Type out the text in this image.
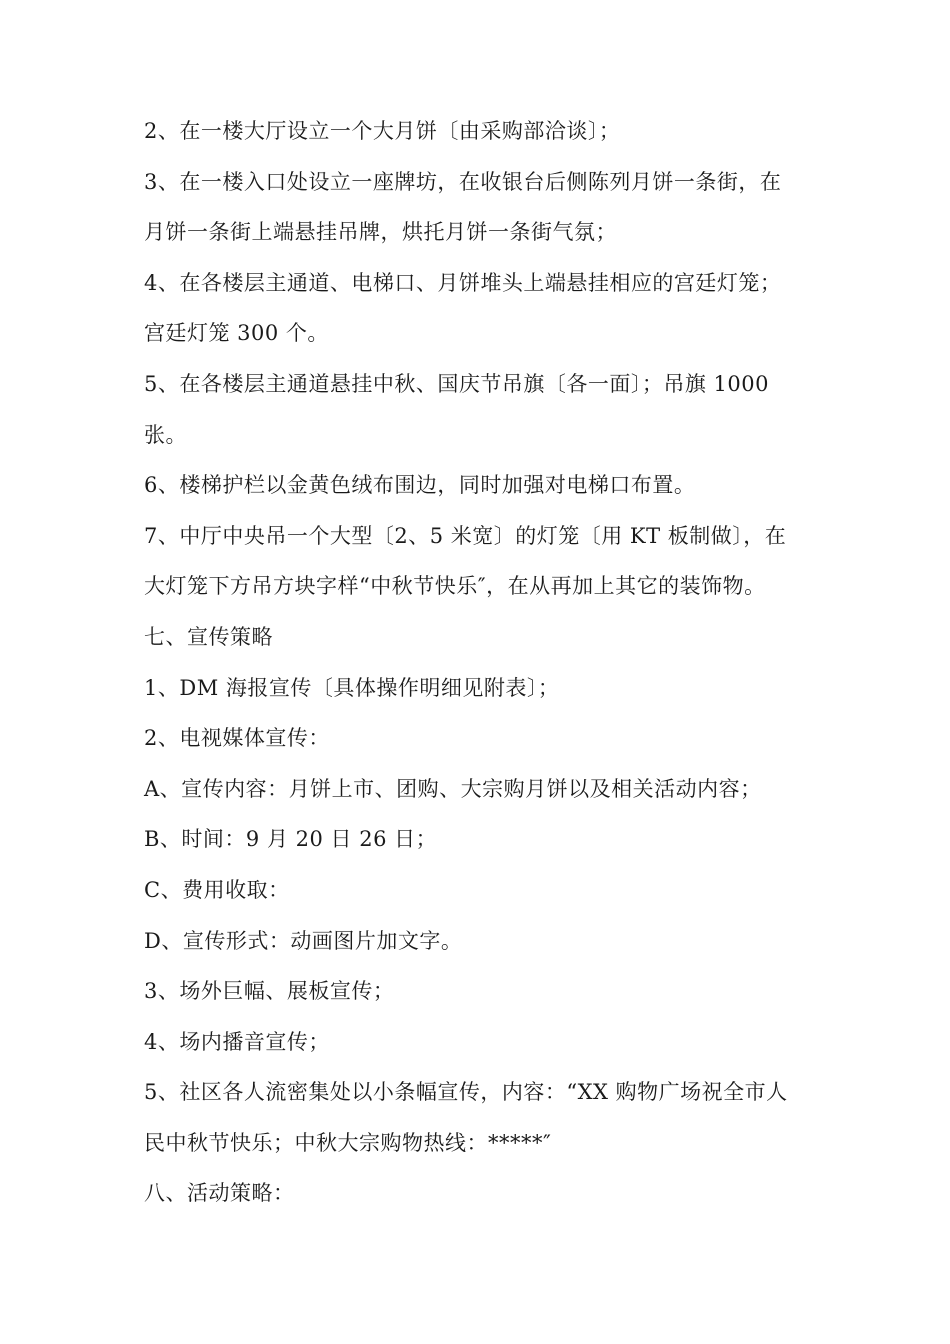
2、在一楼大厅设立一个大月饼〔由采购部洽谈〕；
3、在一楼入口处设立一座牌坊，在收银台后侧陈列月饼一条街，在
月饼一条街上端悬挂吊牌，烘托月饼一条街气氛；
4、在各楼层主通道、电梯口、月饼堆头上端悬挂相应的宫廷灯笼；
宫廷灯笼 300 个。
5、在各楼层主通道悬挂中秋、国庆节吊旗〔各一面〕；吊旗 1000
张。
6、楼梯护栏以金黄色绒布围边，同时加强对电梯口布置。
7、中厅中央吊一个大型〔2、5 米宽〕的灯笼〔用 KT 板制做〕，在
大灯笼下方吊方块字样“中秋节快乐″，在从再加上其它的装饰物。
七、宣传策略
1、DM 海报宣传〔具体操作明细见附表〕；
2、电视媒体宣传：
A、宣传内容：月饼上市、团购、大宗购月饼以及相关活动内容；
B、时间：9 月 20 日 26 日；
C、费用收取：
D、宣传形式：动画图片加文字。
3、场外巨幅、展板宣传；
4、场内播音宣传；
5、社区各人流密集处以小条幅宣传，内容：“XX 购物广场祝全市人
民中秋节快乐；中秋大宗购物热线：*****″
八、活动策略：
